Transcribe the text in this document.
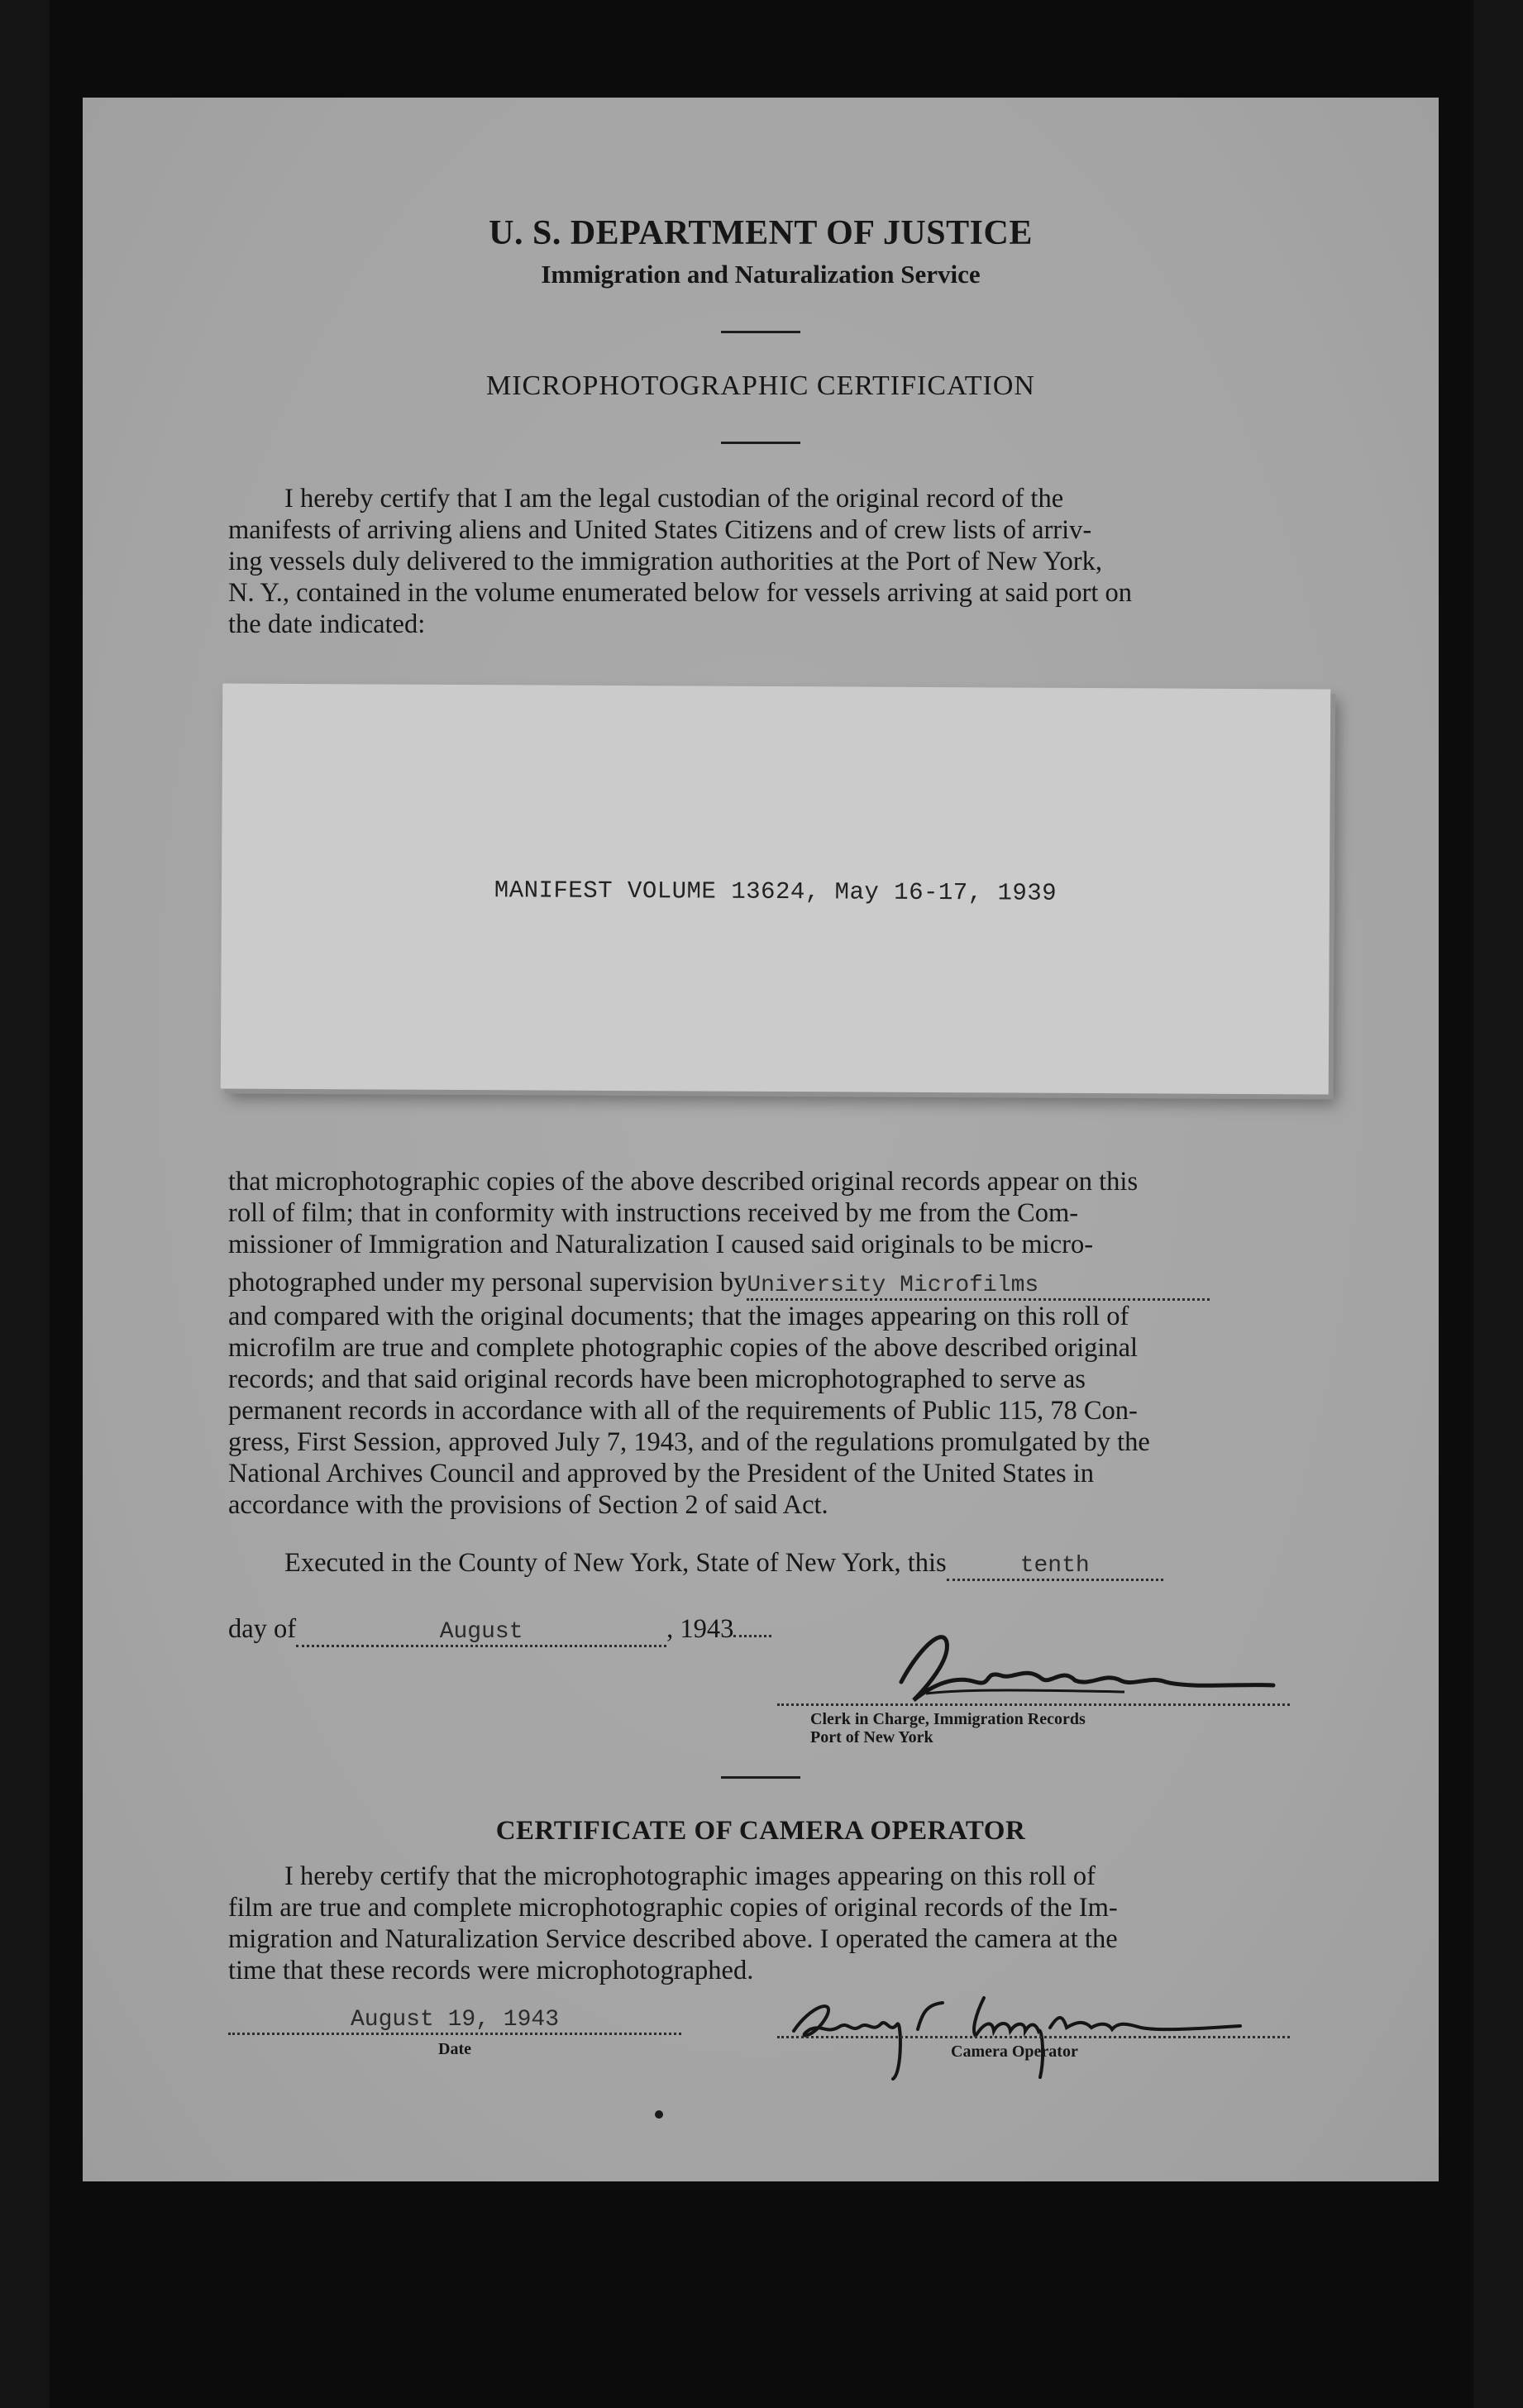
U. S. DEPARTMENT OF JUSTICE
Immigration and Naturalization Service
MICROPHOTOGRAPHIC CERTIFICATION
I hereby certify that I am the legal custodian of the original record of the
manifests of arriving aliens and United States Citizens and of crew lists of arriv-
ing vessels duly delivered to the immigration authorities at the Port of New York,
N. Y., contained in the volume enumerated below for vessels arriving at said port on
the date indicated:
MANIFEST VOLUME 13624, May 16-17, 1939
that microphotographic copies of the above described original records appear on this
roll of film; that in conformity with instructions received by me from the Com-
missioner of Immigration and Naturalization I caused said originals to be micro-
photographed under my personal supervision byUniversity Microfilms
and compared with the original documents; that the images appearing on this roll of
microfilm are true and complete photographic copies of the above described original
records; and that said original records have been microphotographed to serve as
permanent records in accordance with all of the requirements of Public 115, 78 Con-
gress, First Session, approved July 7, 1943, and of the regulations promulgated by the
National Archives Council and approved by the President of the United States in
accordance with the provisions of Section 2 of said Act.
Executed in the County of New York, State of New York, this	tenth
day of	August	, 1943
Clerk in Charge, Immigration Records
Port of New York
CERTIFICATE OF CAMERA OPERATOR
I hereby certify that the microphotographic images appearing on this roll of
film are true and complete microphotographic copies of original records of the Im-
migration and Naturalization Service described above. I operated the camera at the
time that these records were microphotographed.
August 19, 1943
Date	Camera Operator
